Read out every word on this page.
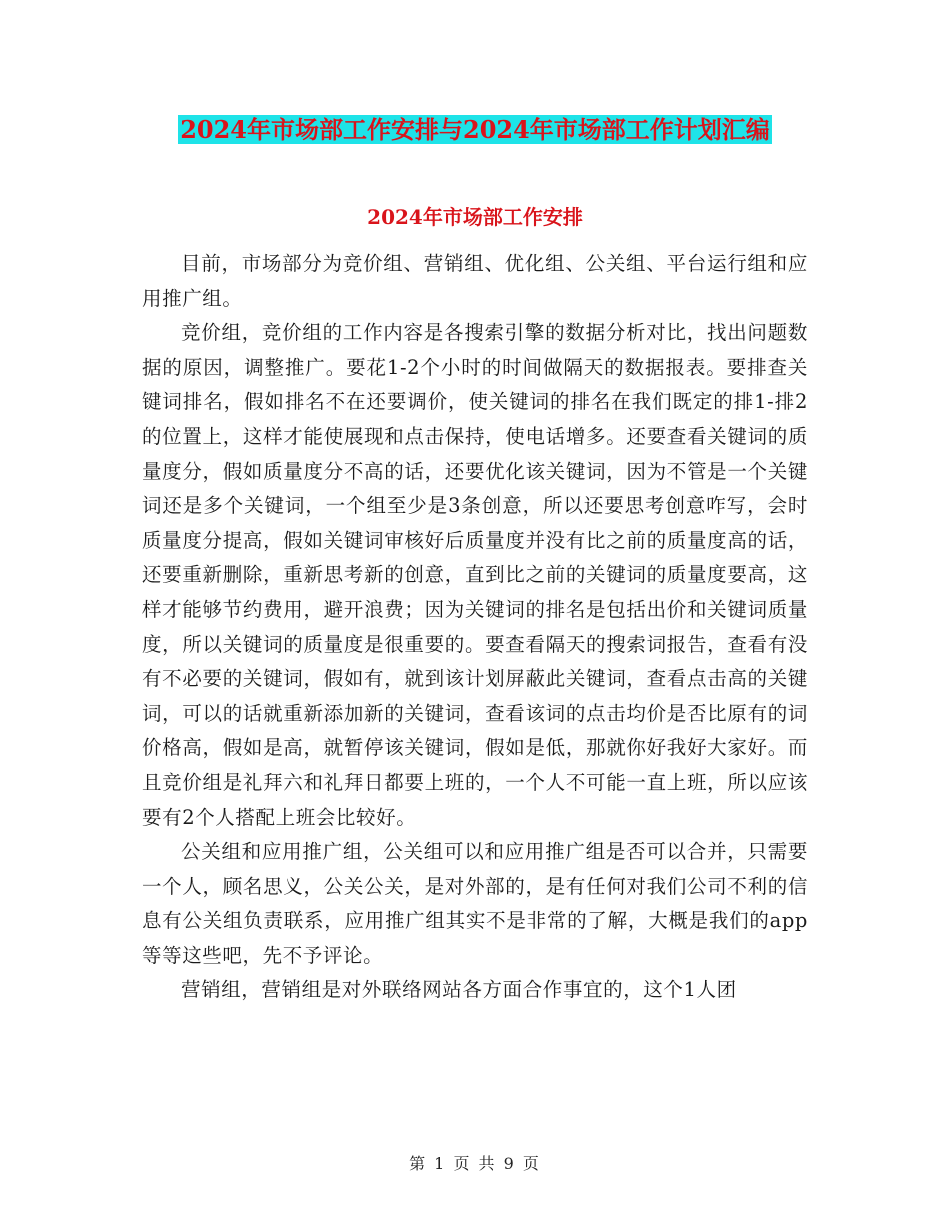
2024年市场部工作安排与2024年市场部工作计划汇编
2024年市场部工作安排

目前，市场部分为竞价组、营销组、优化组、公关组、平台运行组和应用推广组。

竞价组，竞价组的工作内容是各搜索引擎的数据分析对比，找出问题数据的原因，调整推广。要花1-2个小时的时间做隔天的数据报表。要排查关键词排名，假如排名不在还要调价，使关键词的排名在我们既定的排1-排2的位置上，这样才能使展现和点击保持，使电话增多。还要查看关键词的质量度分，假如质量度分不高的话，还要优化该关键词，因为不管是一个关键词还是多个关键词，一个组至少是3条创意，所以还要思考创意咋写，会时质量度分提高，假如关键词审核好后质量度并没有比之前的质量度高的话，还要重新删除，重新思考新的创意，直到比之前的关键词的质量度要高，这样才能够节约费用，避开浪费；因为关键词的排名是包括出价和关键词质量度，所以关键词的质量度是很重要的。要查看隔天的搜索词报告，查看有没有不必要的关键词，假如有，就到该计划屏蔽此关键词，查看点击高的关键词，可以的话就重新添加新的关键词，查看该词的点击均价是否比原有的词价格高，假如是高，就暂停该关键词，假如是低，那就你好我好大家好。而且竞价组是礼拜六和礼拜日都要上班的，一个人不可能一直上班，所以应该要有2个人搭配上班会比较好。

公关组和应用推广组，公关组可以和应用推广组是否可以合并，只需要一个人，顾名思义，公关公关，是对外部的，是有任何对我们公司不利的信息有公关组负责联系，应用推广组其实不是非常的了解，大概是我们的app等等这些吧，先不予评论。

营销组，营销组是对外联络网站各方面合作事宜的，这个1人团

第 1 页 共 9 页
